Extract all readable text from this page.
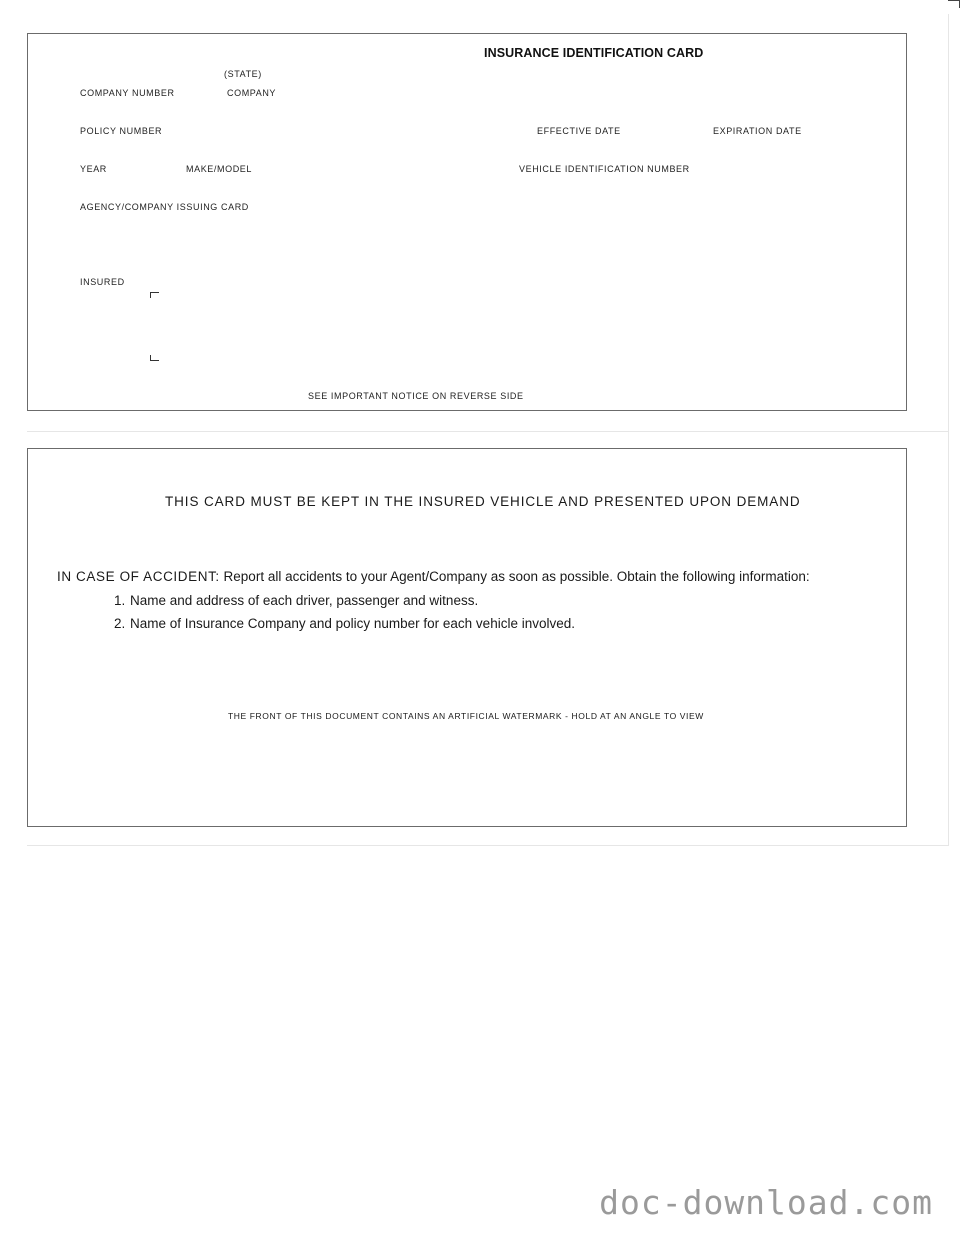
INSURANCE IDENTIFICATION CARD
(STATE)
COMPANY NUMBER	COMPANY
POLICY NUMBER	EFFECTIVE DATE	EXPIRATION DATE
YEAR	MAKE/MODEL	VEHICLE IDENTIFICATION NUMBER
AGENCY/COMPANY ISSUING CARD
INSURED
SEE IMPORTANT NOTICE ON REVERSE SIDE
THIS CARD MUST BE KEPT IN THE INSURED VEHICLE AND PRESENTED UPON DEMAND
IN CASE OF ACCIDENT: Report all accidents to your Agent/Company as soon as possible. Obtain the following information:
1. Name and address of each driver, passenger and witness.
2. Name of Insurance Company and policy number for each vehicle involved.
THE FRONT OF THIS DOCUMENT CONTAINS AN ARTIFICIAL WATERMARK - HOLD AT AN ANGLE TO VIEW
doc-download.com
